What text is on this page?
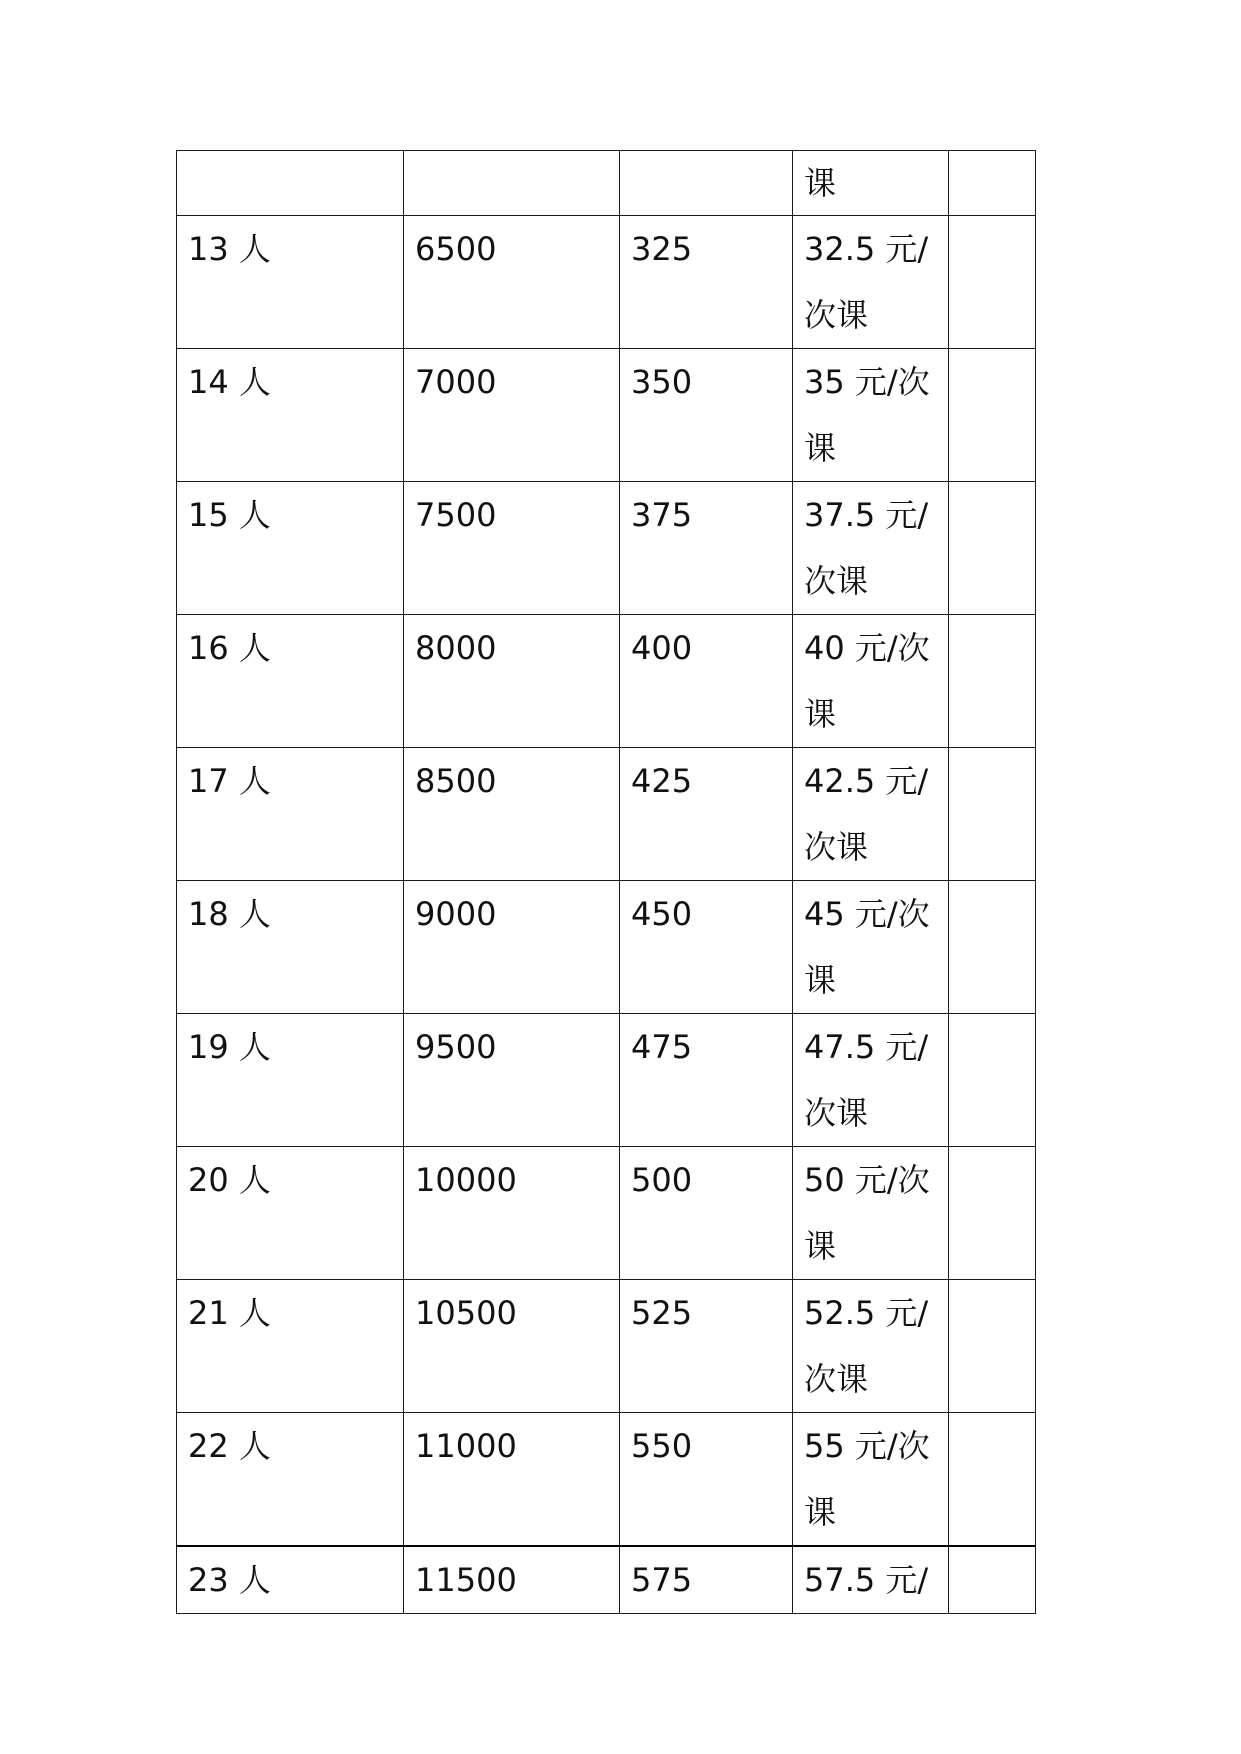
			课	

13 人	6500	325	32.5 元/
次课	

14 人	7000	350	35 元/次
课	

15 人	7500	375	37.5 元/
次课	

16 人	8000	400	40 元/次
课	

17 人	8500	425	42.5 元/
次课	

18 人	9000	450	45 元/次
课	

19 人	9500	475	47.5 元/
次课	

20 人	10000	500	50 元/次
课	

21 人	10500	525	52.5 元/
次课	

22 人	11000	550	55 元/次
课	

23 人	11500	575	57.5 元/	
